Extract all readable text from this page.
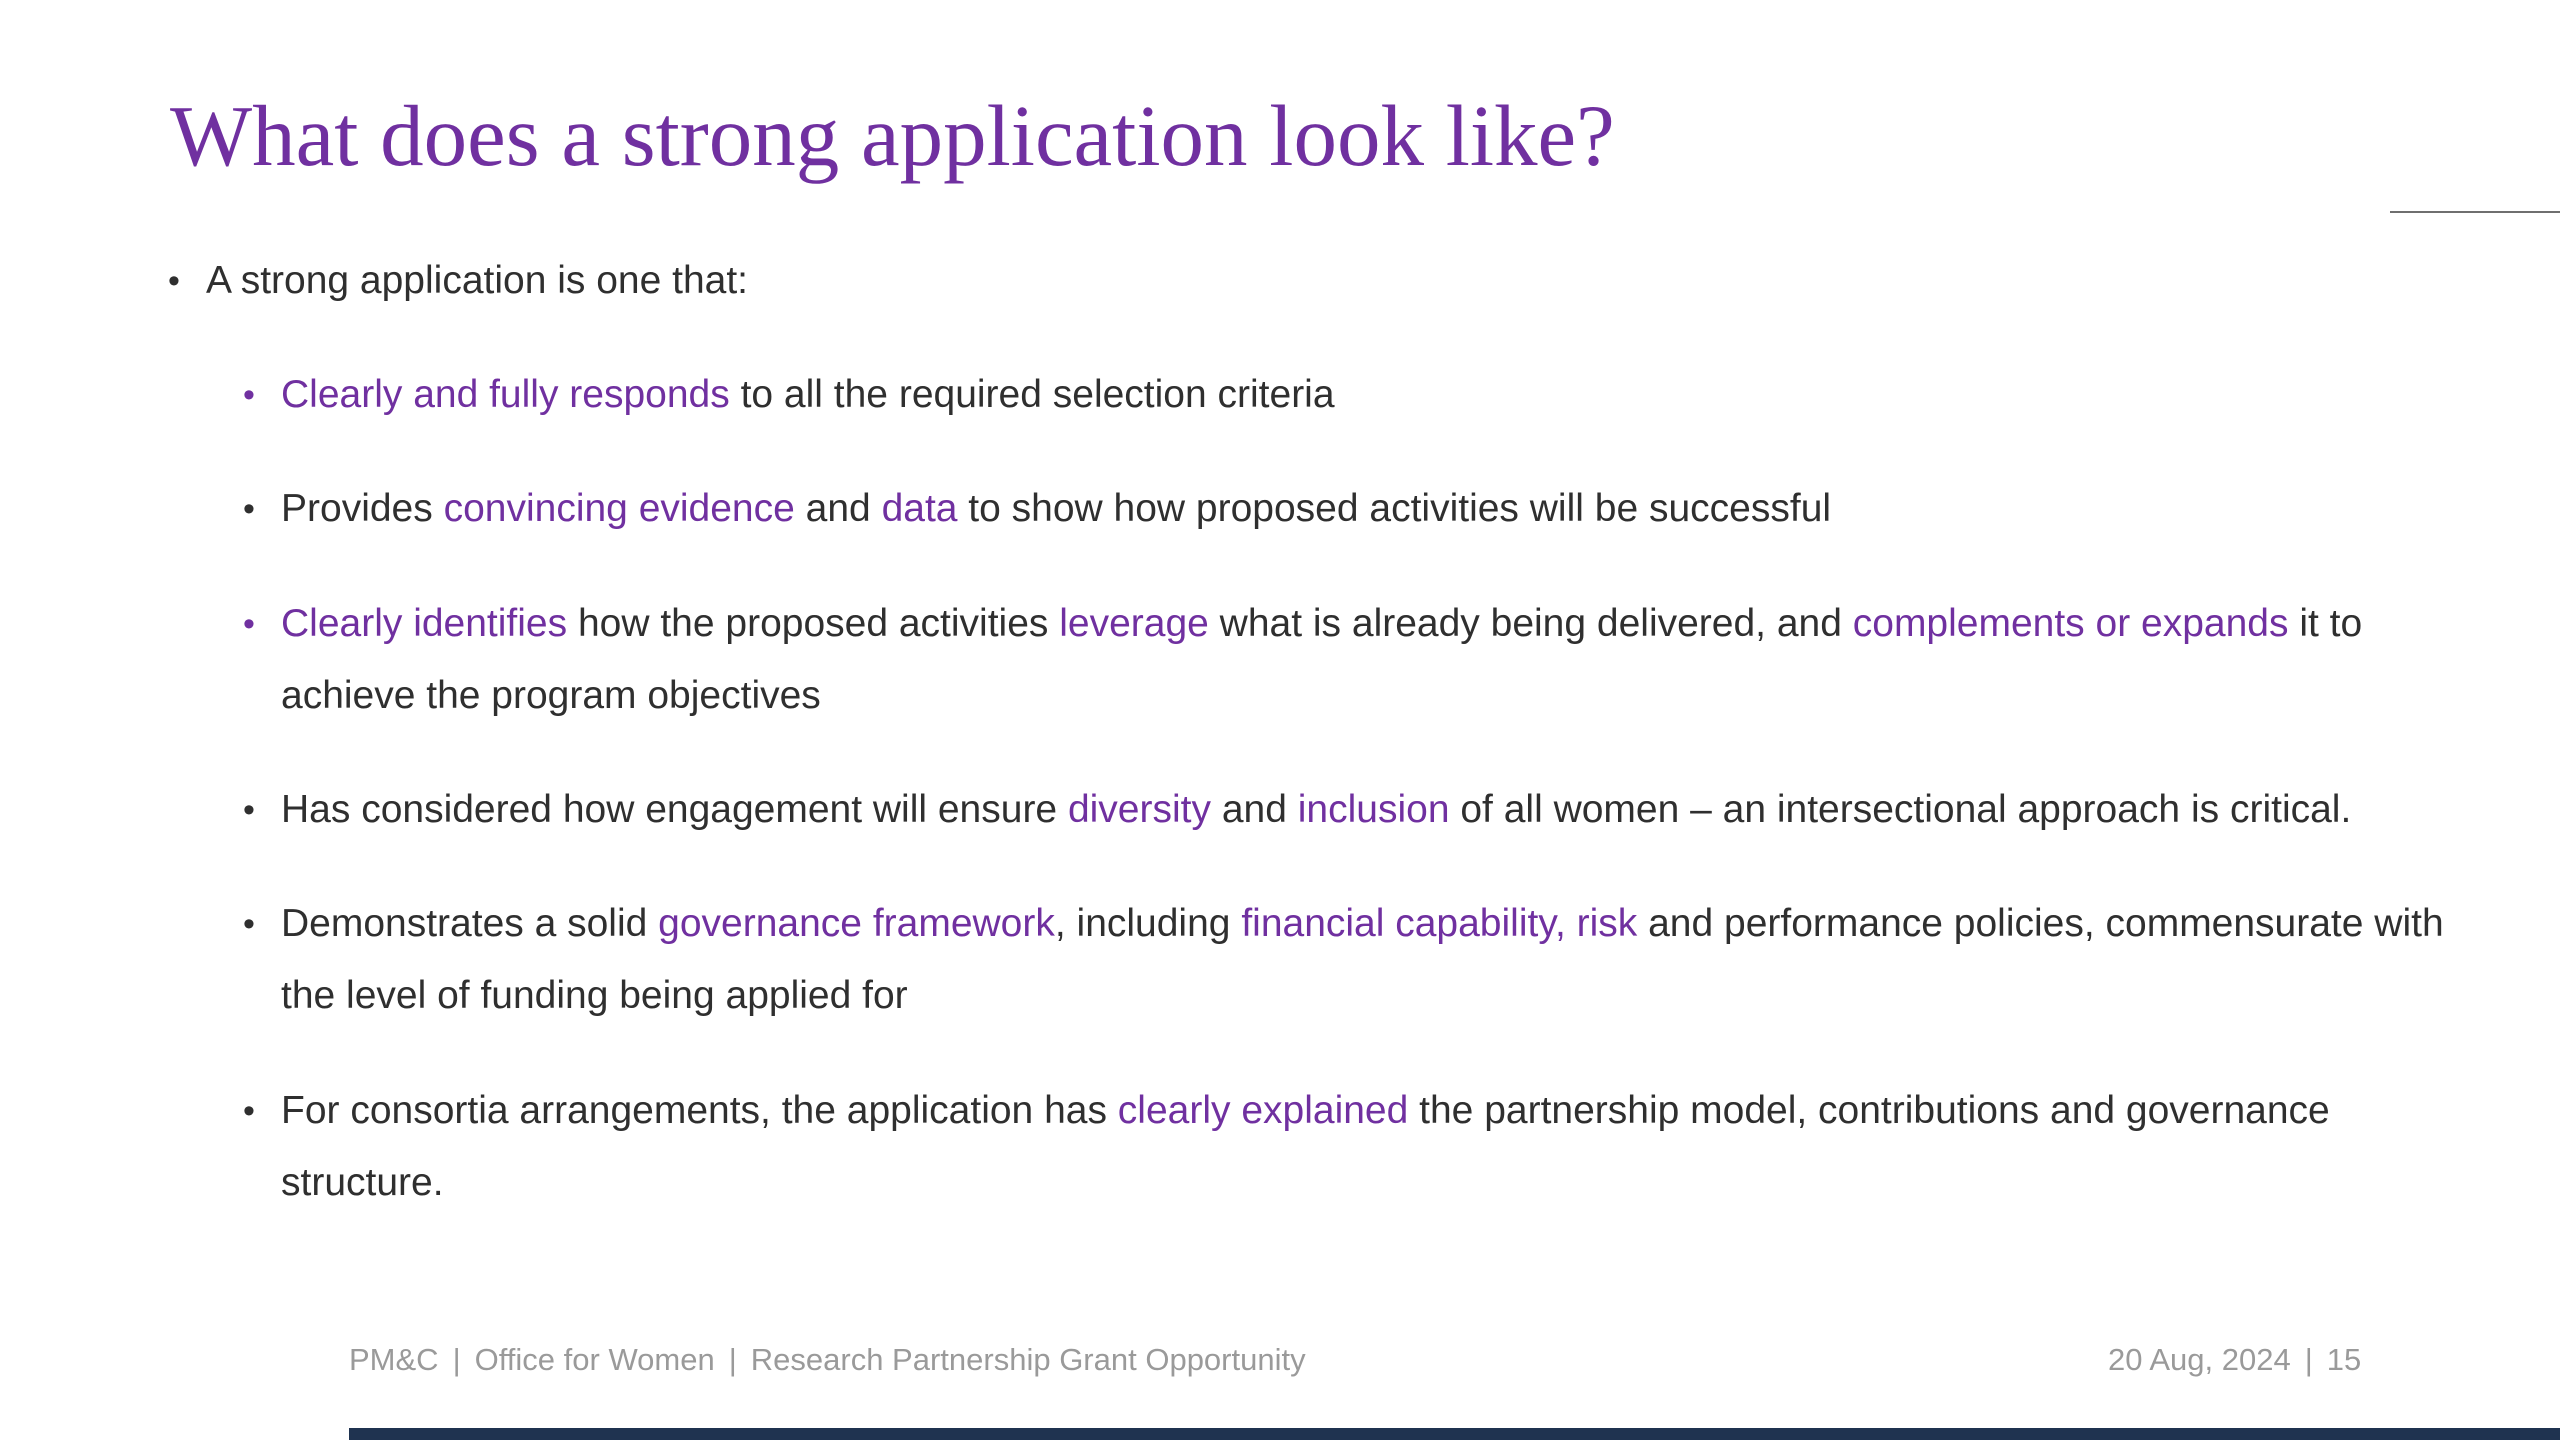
What does a strong application look like?
• A strong application is one that:
• Clearly and fully responds to all the required selection criteria
• Provides convincing evidence and data to show how proposed activities will be successful
• Clearly identifies how the proposed activities leverage what is already being delivered, and complements or expands it to
achieve the program objectives
• Has considered how engagement will ensure diversity and inclusion of all women – an intersectional approach is critical.
• Demonstrates a solid governance framework, including financial capability, risk and performance policies, commensurate with
the level of funding being applied for
• For consortia arrangements, the application has clearly explained the partnership model, contributions and governance
structure.
PM&C | Office for Women | Research Partnership Grant Opportunity	20 Aug, 2024 | 15
